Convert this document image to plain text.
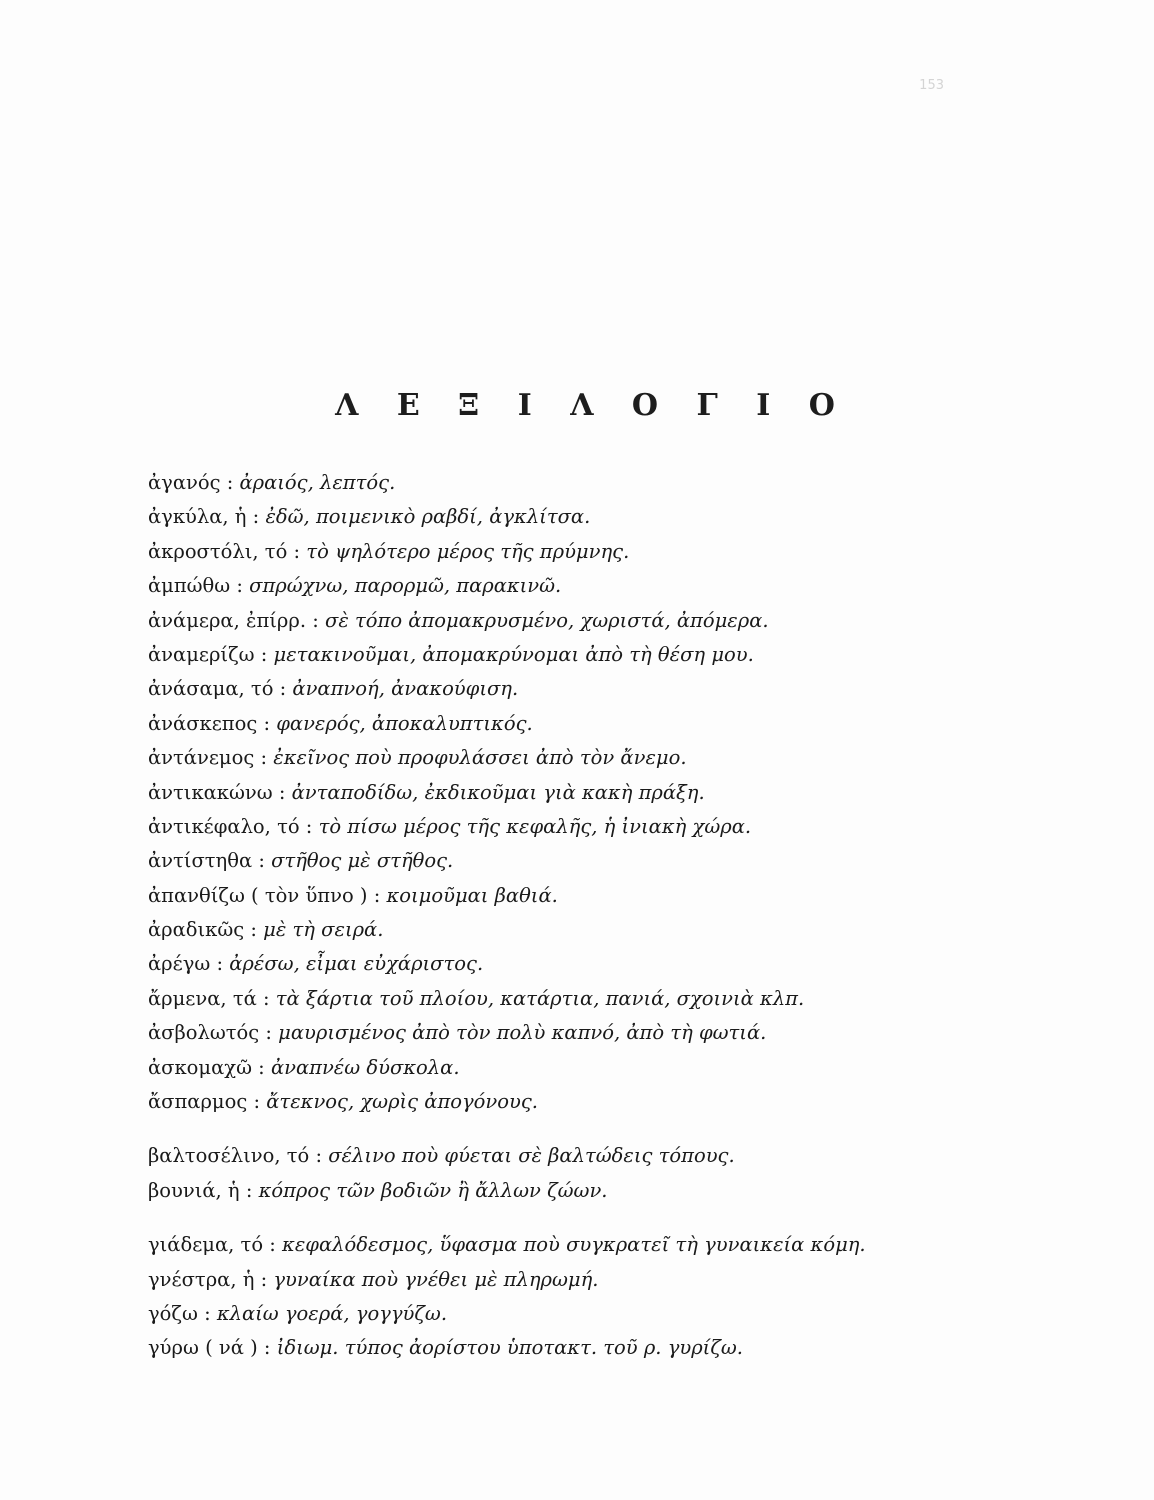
153
Λ Ε Ξ Ι Λ Ο Γ Ι Ο
ἀγανός : ἀραιός, λεπτός.
ἀγκύλα, ἡ : ἐδῶ, ποιμενικὸ ραβδί, ἀγκλίτσα.
ἀκροστόλι, τό : τὸ ψηλότερο μέρος τῆς πρύμνης.
ἀμπώθω : σπρώχνω, παρορμῶ, παρακινῶ.
ἀνάμερα, ἐπίρρ. : σὲ τόπο ἀπομακρυσμένο, χωριστά, ἀπόμερα.
ἀναμερίζω : μετακινοῦμαι, ἀπομακρύνομαι ἀπὸ τὴ θέση μου.
ἀνάσαμα, τό : ἀναπνοή, ἀνακούφιση.
ἀνάσκεπος : φανερός, ἀποκαλυπτικός.
ἀντάνεμος : ἐκεῖνος ποὺ προφυλάσσει ἀπὸ τὸν ἄνεμο.
ἀντικακώνω : ἀνταποδίδω, ἐκδικοῦμαι γιὰ κακὴ πράξη.
ἀντικέφαλο, τό : τὸ πίσω μέρος τῆς κεφαλῆς, ἡ ἰνιακὴ χώρα.
ἀντίστηθα : στῆθος μὲ στῆθος.
ἀπανθίζω ( τὸν ὕπνο ) : κοιμοῦμαι βαθιά.
ἀραδικῶς : μὲ τὴ σειρά.
ἀρέγω : ἀρέσω, εἶμαι εὐχάριστος.
ἄρμενα, τά : τὰ ξάρτια τοῦ πλοίου, κατάρτια, πανιά, σχοινιὰ κλπ.
ἀσβολωτός : μαυρισμένος ἀπὸ τὸν πολὺ καπνό, ἀπὸ τὴ φωτιά.
ἀσκομαχῶ : ἀναπνέω δύσκολα.
ἄσπαρμος : ἄτεκνος, χωρὶς ἀπογόνους.
βαλτοσέλινο, τό : σέλινο ποὺ φύεται σὲ βαλτώδεις τόπους.
βουνιά, ἡ : κόπρος τῶν βοδιῶν ἢ ἄλλων ζώων.
γιάδεμα, τό : κεφαλόδεσμος, ὕφασμα ποὺ συγκρατεῖ τὴ γυναικεία κόμη.
γνέστρα, ἡ : γυναίκα ποὺ γνέθει μὲ πληρωμή.
γόζω : κλαίω γοερά, γογγύζω.
γύρω ( νά ) : ἰδιωμ. τύπος ἀορίστου ὑποτακτ. τοῦ ρ. γυρίζω.
